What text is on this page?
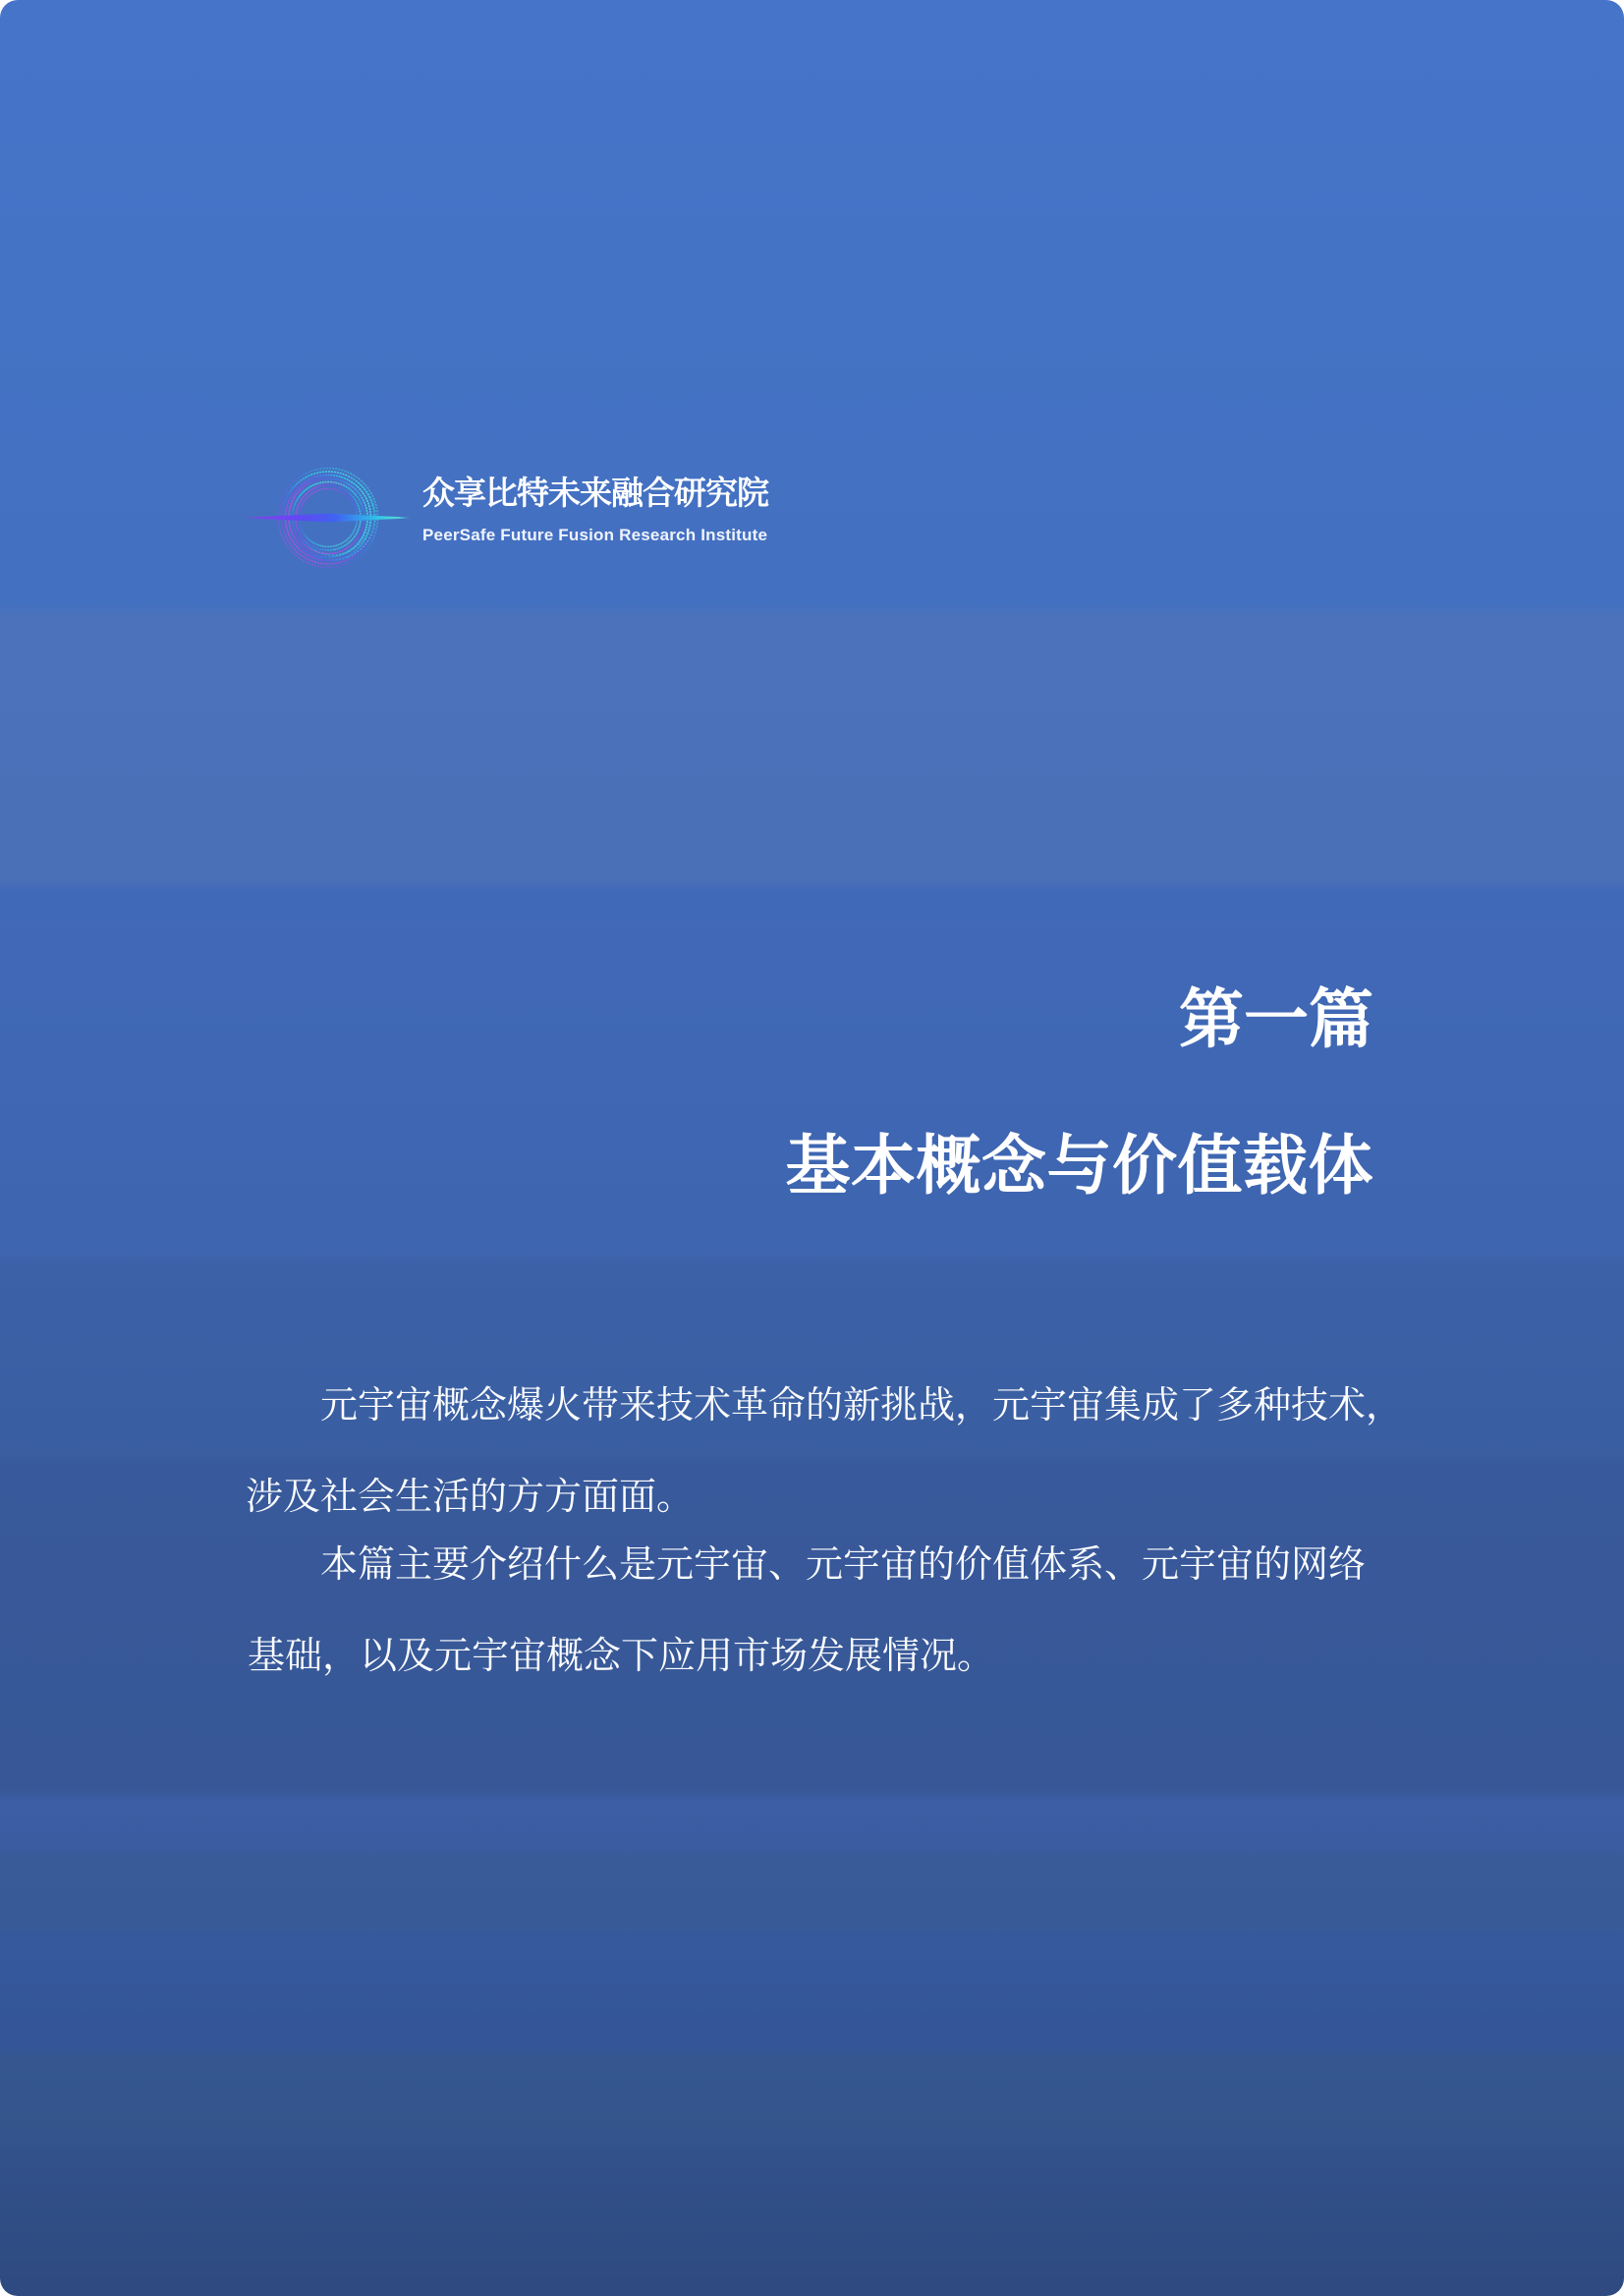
众享比特未来融合研究院
PeerSafe Future Fusion Research Institute
第一篇
基本概念与价值载体
元宇宙概念爆火带来技术革命的新挑战，元宇宙集成了多种技术，
涉及社会生活的方方面面。
本篇主要介绍什么是元宇宙、元宇宙的价值体系、元宇宙的网络
基础，以及元宇宙概念下应用市场发展情况。
